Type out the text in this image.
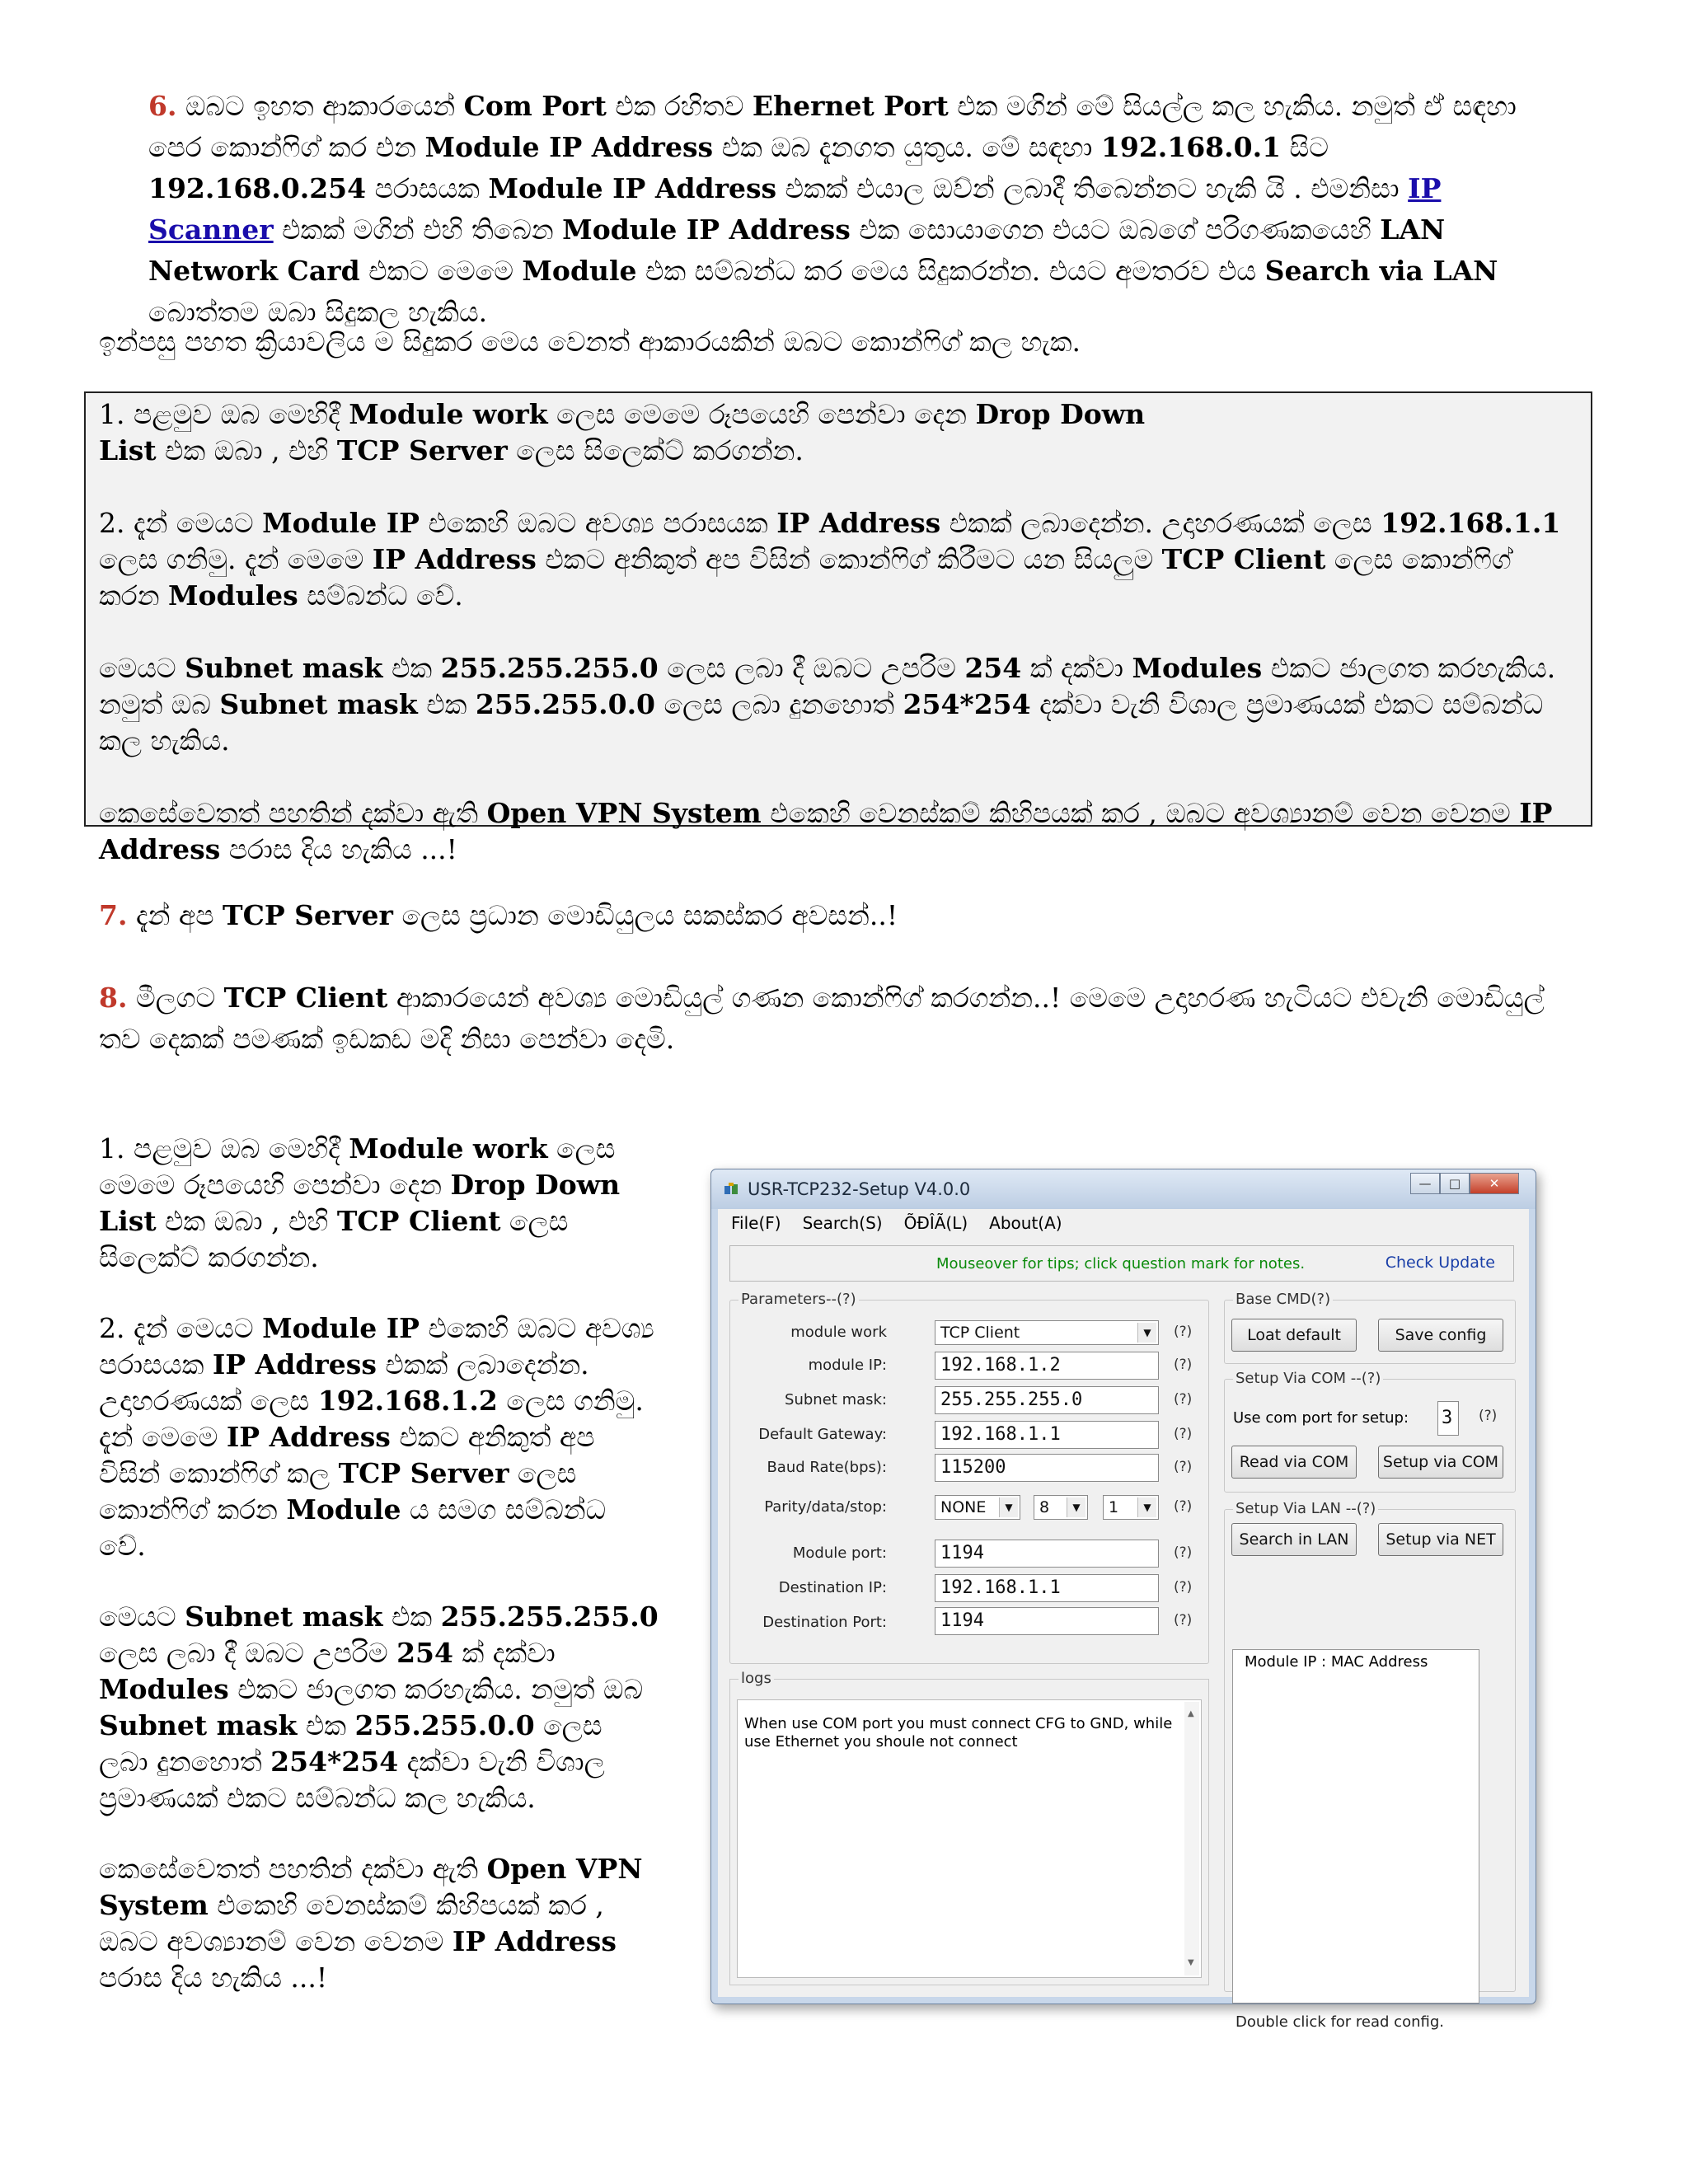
6. ඔබට ඉහත ආකාරයෙන් Com Port එක රහිතව Ehernet Port එක මගින් මේ සියල්ල කල හැකිය. නමුත් ඒ සඳහා පෙර කොන්ෆිග් කර එන Module IP Address එක ඔබ දැනගත යුතුය. මේ සඳහා 192.168.0.1 සිට 192.168.0.254 පරාසයක Module IP Address එකක් එයාල ඔව්න් ලබාදී තිබෙන්නට හැකි යි . එමනිසා IP Scanner එකක් මගින් එහි තිබෙන Module IP Address එක සොයාගෙන එයට ඔබගේ පරිගණකයෙහි LAN Network Card එකට මෙමෙ Module එක සම්බන්ධ කර මෙය සිදුකරන්න. එයට අමතරව එය Search via LAN බොත්තම ඔබා සිදුකල හැකිය.
ඉන්පසු පහත ක්‍රියාවලිය ම සිදුකර මෙය වෙනත් ආකාරයකින් ඔබට කොන්ෆිග් කල හැක.
1. පළමුව ඔබ මෙහිදී Module work ලෙස මෙමෙ රූපයෙහි පෙන්වා දෙන Drop Down
List එක ඔබා , එහි TCP Server ලෙස සිලෙක්ට් කරගන්න.
2. දැන් මෙයට Module IP එකෙහි ඔබට අවශ්‍ය පරාසයක IP Address එකක් ලබාදෙන්න. උදාහරණයක් ලෙස 192.168.1.1 ලෙස ගනිමු. දැන් මෙමෙ IP Address එකට අනිකුත් අප විසින් කොන්ෆිග් කිරීමට යන සියලුම TCP Client ලෙස කොන්ෆිග් කරන Modules සම්බන්ධ වේ.
මෙයට Subnet mask එක 255.255.255.0 ලෙස ලබා දී ඔබට උපරිම 254 ක් දක්වා Modules එකට ජාලගත කරහැකිය. නමුත් ඔබ Subnet mask එක 255.255.0.0 ලෙස ලබා දුනහොත් 254*254 දක්වා වැනි විශාල ප්‍රමාණයක් එකට සම්බන්ධ කල හැකිය.
කෙසේවෙතත් පහතින් දක්වා ඇති Open VPN System එකෙහි වෙනස්කම් කිහිපයක් කර , ඔබට අවශ්‍යානම් වෙන වෙනම IP Address පරාස දිය හැකිය ...!
7. දැන් අප TCP Server ලෙස ප්‍රධාන මොඩියුලය සකස්කර අවසන්..!
8. මීලගට TCP Client ආකාරයෙන් අවශ්‍ය මොඩියුල් ගණන කොන්ෆිග් කරගන්න..! මෙමෙ උදාහරණ හැටියට එවැනි මොඩියුල් තව දෙකක් පමණක් ඉඩකඩ මදි නිසා පෙන්වා දෙමි.
1. පළමුව ඔබ මෙහිදී Module work ලෙස මෙමෙ රූපයෙහි පෙන්වා දෙන Drop Down List එක ඔබා , එහි TCP Client ලෙස සිලෙක්ට් කරගන්න.
2. දැන් මෙයට Module IP එකෙහි ඔබට අවශ්‍ය පරාසයක IP Address එකක් ලබාදෙන්න. උදාහරණයක් ලෙස 192.168.1.2 ලෙස ගනිමු. දැන් මෙමෙ IP Address එකට අනිකුත් අප විසින් කොන්ෆිග් කල TCP Server ලෙස කොන්ෆිග් කරන Module ය සමග සම්බන්ධ වේ.
මෙයට Subnet mask එක 255.255.255.0 ලෙස ලබා දී ඔබට උපරිම 254 ක් දක්වා Modules එකට ජාලගත කරහැකිය. නමුත් ඔබ Subnet mask එක 255.255.0.0 ලෙස ලබා දුනහොත් 254*254 දක්වා වැනි විශාල ප්‍රමාණයක් එකට සම්බන්ධ කල හැකිය.
කෙසේවෙතත් පහතින් දක්වා ඇති Open VPN System එකෙහි වෙනස්කම් කිහිපයක් කර , ඔබට අවශ්‍යානම් වෙන වෙනම IP Address පරාස දිය හැකිය ...!
USR-TCP232-Setup V4.0.0	—	□	✕
File(F) Search(S) ÕÐÎÃ(L) About(A)
Mouseover for tips; click question mark for notes.	Check Update
Parameters--(?)
module work	TCP Client	▼	(?)
module IP:	192.168.1.2	(?)
Subnet mask:	255.255.255.0	(?)
Default Gateway:	192.168.1.1	(?)
Baud Rate(bps):	115200	(?)
Parity/data/stop:	NONE	▼	8	▼	1	▼	(?)
Module port:	1194	(?)
Destination IP:	192.168.1.1	(?)
Destination Port:	1194	(?)
Base CMD(?)
Loat default	Save config
Setup Via COM --(?)
Use com port for setup: 3	(?)
Read via COM	Setup via COM
Setup Via LAN --(?)
Search in LAN	Setup via NET
Module IP : MAC Address
Double click for read config.
logs
When use COM port you must connect CFG to GND, while use Ethernet you shoule not connect
▲
▼
